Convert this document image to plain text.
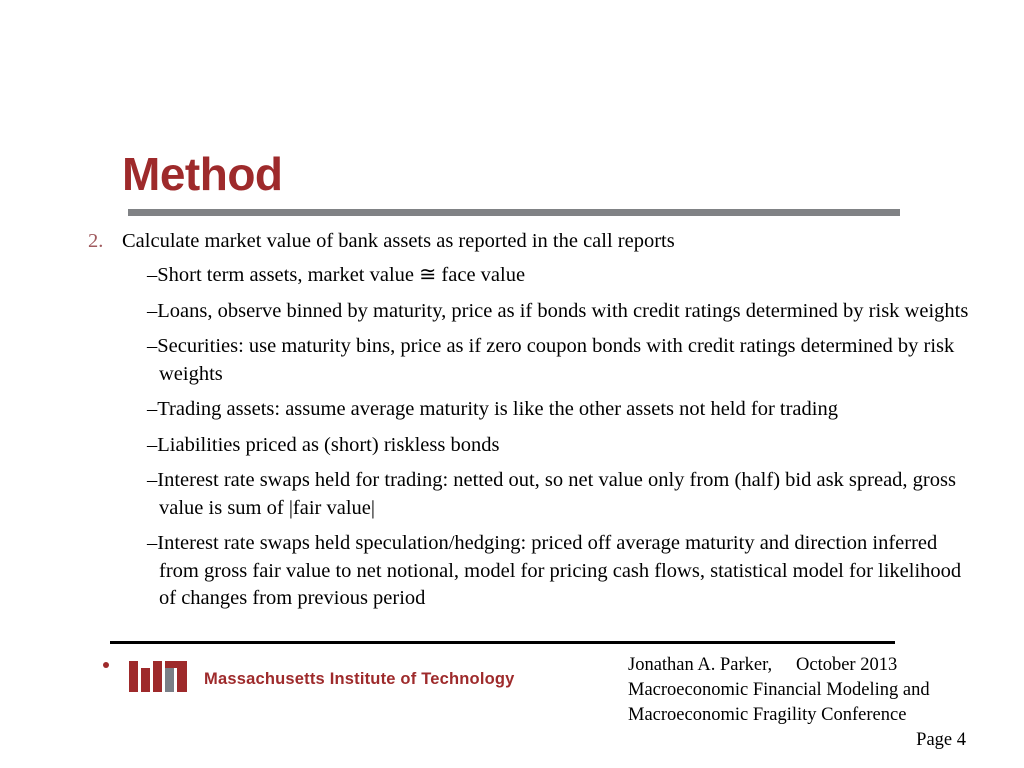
Method
2. Calculate market value of bank assets as reported in the call reports

–Short term assets, market value ≅ face value

–Loans, observe binned by maturity, price as if bonds with credit ratings determined by risk weights

–Securities: use maturity bins, price as if zero coupon bonds with credit ratings determined by risk weights

–Trading assets: assume average maturity is like the other assets not held for trading

–Liabilities priced as (short) riskless bonds

–Interest rate swaps held for trading: netted out, so net value only from (half) bid ask spread, gross value is sum of |fair value|

–Interest rate swaps held speculation/hedging: priced off average maturity and direction inferred from gross fair value to net notional, model for pricing cash flows, statistical model for likelihood of changes from previous period

Massachusetts Institute of Technology
Jonathan A. Parker,	October 2013
Macroeconomic Financial Modeling and
Macroeconomic Fragility Conference
Page 4
